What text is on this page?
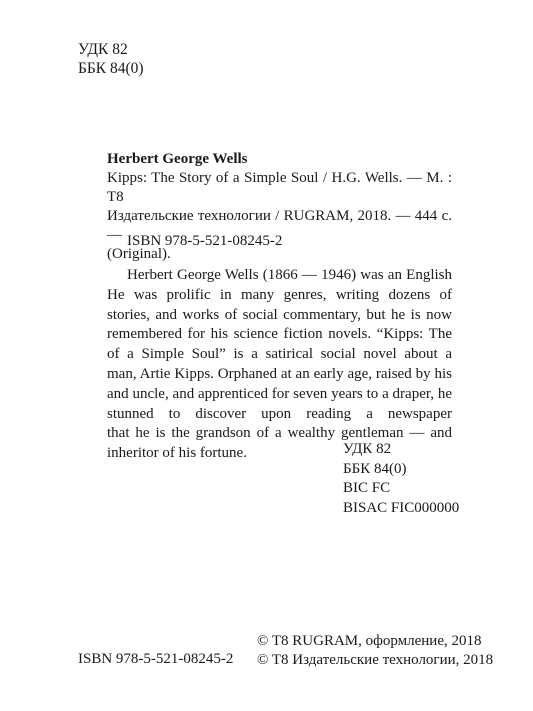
УДК 82
ББК 84(0)
Herbert George Wells
Kipps: The Story of a Simple Soul / H.G. Wells. — M. : T8
Издательские технологии / RUGRAM, 2018. — 444 с. —
(Original).
ISBN 978-5-521-08245-2
Herbert George Wells (1866 — 1946) was an English
He was prolific in many genres, writing dozens of
stories, and works of social commentary, but he is now
remembered for his science fiction novels. “Kipps: The
of a Simple Soul” is a satirical social novel about a
man, Artie Kipps. Orphaned at an early age, raised by his
and uncle, and apprenticed for seven years to a draper, he
stunned to discover upon reading a newspaper
that he is the grandson of a wealthy gentleman — and
inheritor of his fortune.	УДК 82
ББК 84(0)
BIC FC
BISAC FIC000000
ISBN 978-5-521-08245-2
© T8 RUGRAM, оформление, 2018
© T8 Издательские технологии, 2018
